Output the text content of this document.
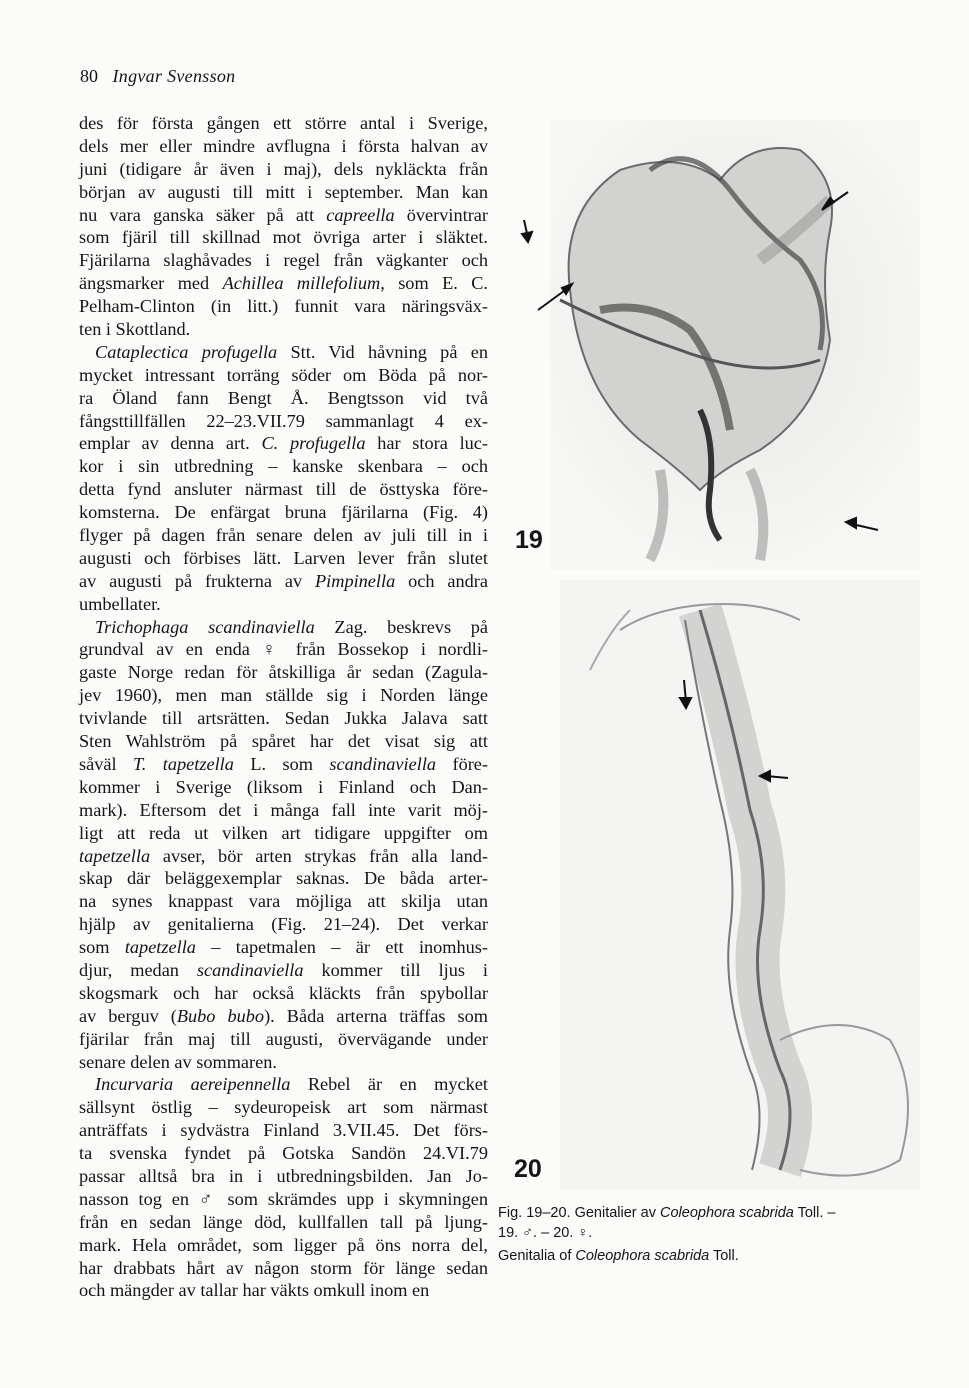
80 Ingvar Svensson
des för första gången ett större antal i Sverige,
dels mer eller mindre avflugna i första halvan av
juni (tidigare år även i maj), dels nykläckta från
början av augusti till mitt i september. Man kan
nu vara ganska säker på att capreella övervintrar
som fjäril till skillnad mot övriga arter i släktet.
Fjärilarna slaghåvades i regel från vägkanter och
ängsmarker med Achillea millefolium, som E. C.
Pelham-Clinton (in litt.) funnit vara näringsväx-
ten i Skottland.
Cataplectica profugella Stt. Vid håvning på en
mycket intressant torräng söder om Böda på nor-
ra Öland fann Bengt Å. Bengtsson vid två
fångsttillfällen 22–23.VII.79 sammanlagt 4 ex-
emplar av denna art. C. profugella har stora luc-
kor i sin utbredning – kanske skenbara – och
detta fynd ansluter närmast till de östtyska före-
komsterna. De enfärgat bruna fjärilarna (Fig. 4)
flyger på dagen från senare delen av juli till in i
augusti och förbises lätt. Larven lever från slutet
av augusti på frukterna av Pimpinella och andra
umbellater.
Trichophaga scandinaviella Zag. beskrevs på
grundval av en enda ♀ från Bossekop i nordli-
gaste Norge redan för åtskilliga år sedan (Zagula-
jev 1960), men man ställde sig i Norden länge
tvivlande till artsrätten. Sedan Jukka Jalava satt
Sten Wahlström på spåret har det visat sig att
såväl T. tapetzella L. som scandinaviella före-
kommer i Sverige (liksom i Finland och Dan-
mark). Eftersom det i många fall inte varit möj-
ligt att reda ut vilken art tidigare uppgifter om
tapetzella avser, bör arten strykas från alla land-
skap där beläggexemplar saknas. De båda arter-
na synes knappast vara möjliga att skilja utan
hjälp av genitalierna (Fig. 21–24). Det verkar
som tapetzella – tapetmalen – är ett inomhus-
djur, medan scandinaviella kommer till ljus i
skogsmark och har också kläckts från spybollar
av berguv (Bubo bubo). Båda arterna träffas som
fjärilar från maj till augusti, övervägande under
senare delen av sommaren.
Incurvaria aereipennella Rebel är en mycket
sällsynt östlig – sydeuropeisk art som närmast
anträffats i sydvästra Finland 3.VII.45. Det förs-
ta svenska fyndet på Gotska Sandön 24.VI.79
passar alltså bra in i utbredningsbilden. Jan Jo-
nasson tog en ♂ som skrämdes upp i skymningen
från en sedan länge död, kullfallen tall på ljung-
mark. Hela området, som ligger på öns norra del,
har drabbats hårt av någon storm för länge sedan
och mängder av tallar har väkts omkull inom en
19
20
Fig. 19–20. Genitalier av Coleophora scabrida Toll. –
19. ♂. – 20. ♀.
Genitalia of Coleophora scabrida Toll.
